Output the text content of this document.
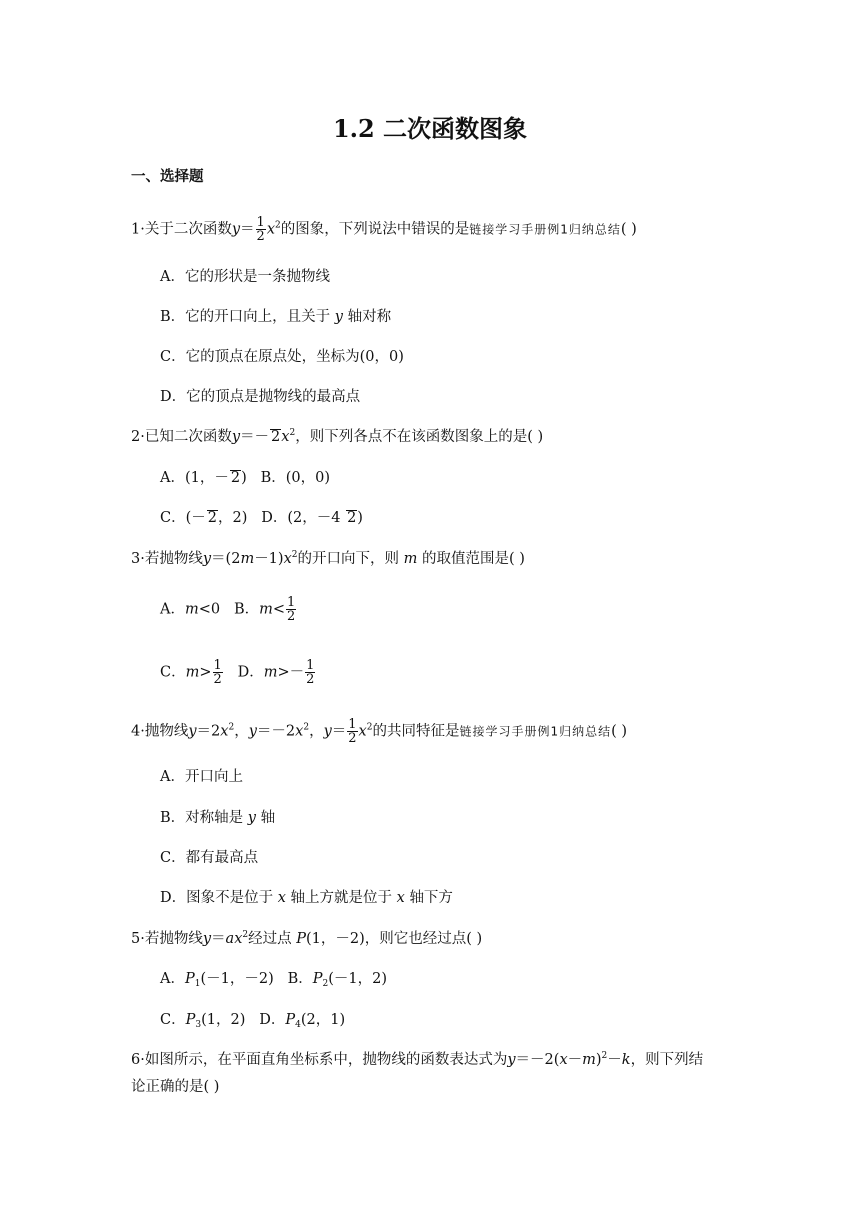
1.2 二次函数图象
一、选择题
1·关于二次函数$y= \frac{1}{2} x^2$的图象，下列说法中错误的是链接学习手册例1归纳总结( )
A．它的形状是一条抛物线
B．它的开口向上，且关于 y 轴对称
C．它的顶点在原点处，坐标为(0，0)
D．它的顶点是抛物线的最高点
2·已知二次函数$y=- 2x^2$，则下列各点不在该函数图象上的是( )
A．(1，－ 2) B．(0，0)
C．(－ 2，2) D．(2，－4 2)
3·若抛物线$y=(2m-1)x^2$的开口向下，则 m 的取值范围是( )
A．m<0 B．$m< \frac{1}{2}$
C．$m> \frac{1}{2}$ D．$m>- \frac{1}{2}$
4·抛物线$y=2x^2$，$y=-2x^2$，$y= \frac{1}{2} x^2$的共同特征是链接学习手册例1归纳总结( )
A．开口向上
B．对称轴是 y 轴
C．都有最高点
D．图象不是位于 x 轴上方就是位于 x 轴下方
5·若抛物线$y=ax^2$经过点 P(1，－2)，则它也经过点( )
A．$P_1(-1$，－2) B．$P_2(-1$，2)
C．$P_3(1$，2) D．$P_4(2$，1)
6·如图所示，在平面直角坐标系中，抛物线的函数表达式为$y=-2(x-m)^2-k$，则下列结
论正确的是( )
